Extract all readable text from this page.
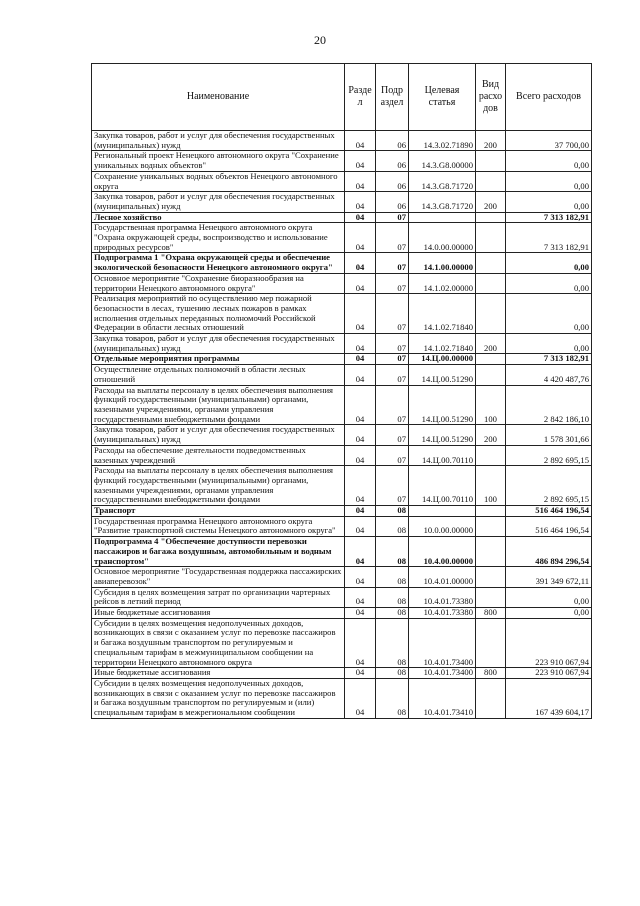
20
Наименование	Разде л	Подр аздел	Целевая статья	Вид расхо дов	Всего расходов
Закупка товаров, работ и услуг для обеспечения государственных (муниципальных) нужд	04	06	14.3.02.71890	200	37 700,00
Региональный проект Ненецкого автономного округа "Сохранение уникальных водных объектов"	04	06	14.3.G8.00000		0,00
Сохранение уникальных водных объектов Ненецкого автономного округа	04	06	14.3.G8.71720		0,00
Закупка товаров, работ и услуг для обеспечения государственных (муниципальных) нужд	04	06	14.3.G8.71720	200	0,00
Лесное хозяйство	04	07			7 313 182,91
Государственная программа Ненецкого автономного округа "Охрана окружающей среды, воспроизводство и использование природных ресурсов"	04	07	14.0.00.00000		7 313 182,91
Подпрограмма 1 "Охрана окружающей среды и обеспечение экологической безопасности Ненецкого автономного округа"	04	07	14.1.00.00000		0,00
Основное мероприятие "Сохранение биоразнообразия на территории Ненецкого автономного округа"	04	07	14.1.02.00000		0,00
Реализация мероприятий по осуществлению мер пожарной безопасности в лесах, тушению лесных пожаров в рамках исполнения отдельных переданных полномочий Российской Федерации в области лесных отношений	04	07	14.1.02.71840		0,00
Закупка товаров, работ и услуг для обеспечения государственных (муниципальных) нужд	04	07	14.1.02.71840	200	0,00
Отдельные мероприятия программы	04	07	14.Ц.00.00000		7 313 182,91
Осуществление отдельных полномочий в области лесных отношений	04	07	14.Ц.00.51290		4 420 487,76
Расходы на выплаты персоналу в целях обеспечения выполнения функций государственными (муниципальными) органами, казенными учреждениями, органами управления государственными внебюджетными фондами	04	07	14.Ц.00.51290	100	2 842 186,10
Закупка товаров, работ и услуг для обеспечения государственных (муниципальных) нужд	04	07	14.Ц.00.51290	200	1 578 301,66
Расходы на обеспечение деятельности подведомственных казенных учреждений	04	07	14.Ц.00.70110		2 892 695,15
Расходы на выплаты персоналу в целях обеспечения выполнения функций государственными (муниципальными) органами, казенными учреждениями, органами управления государственными внебюджетными фондами	04	07	14.Ц.00.70110	100	2 892 695,15
Транспорт	04	08			516 464 196,54
Государственная программа Ненецкого автономного округа "Развитие транспортной системы Ненецкого автономного округа"	04	08	10.0.00.00000		516 464 196,54
Подпрограмма 4 "Обеспечение доступности перевозки пассажиров и багажа воздушным, автомобильным и водным транспортом"	04	08	10.4.00.00000		486 894 296,54
Основное мероприятие "Государственная поддержка пассажирских авиаперевозок"	04	08	10.4.01.00000		391 349 672,11
Субсидия в целях возмещения затрат по организации чартерных рейсов в летний период	04	08	10.4.01.73380		0,00
Иные бюджетные ассигнования	04	08	10.4.01.73380	800	0,00
Субсидии в целях возмещения недополученных доходов, возникающих в связи с оказанием услуг по перевозке пассажиров и багажа воздушным транспортом по регулируемым и специальным тарифам в межмуниципальном сообщении на территории Ненецкого автономного округа	04	08	10.4.01.73400		223 910 067,94
Иные бюджетные ассигнования	04	08	10.4.01.73400	800	223 910 067,94
Субсидии в целях возмещения недополученных доходов, возникающих в связи с оказанием услуг по перевозке пассажиров и багажа воздушным транспортом по регулируемым и (или) специальным тарифам в межрегиональном сообщении	04	08	10.4.01.73410		167 439 604,17
